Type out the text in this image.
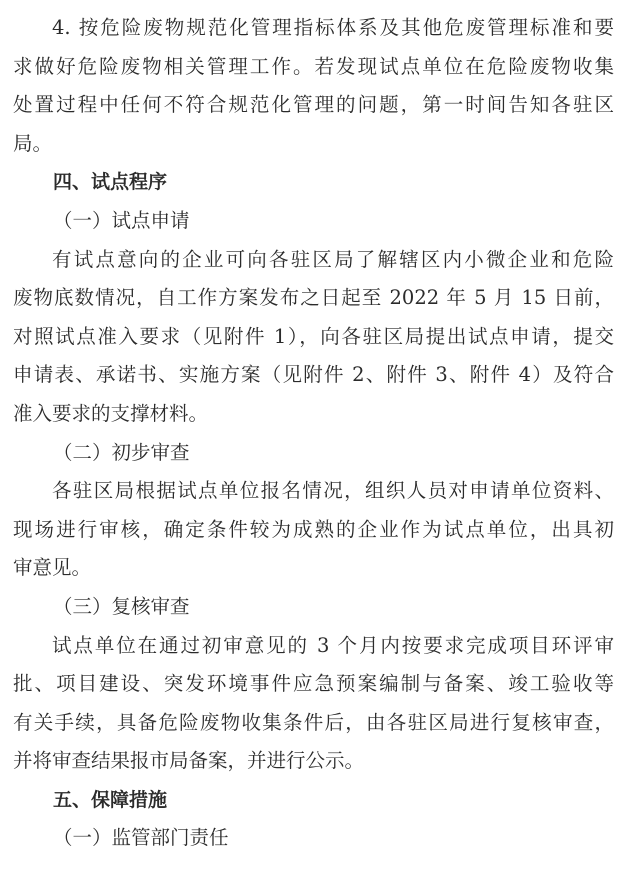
4. 按危险废物规范化管理指标体系及其他危废管理标准和要
求做好危险废物相关管理工作。若发现试点单位在危险废物收集
处置过程中任何不符合规范化管理的问题，第一时间告知各驻区
局。
四、试点程序
（一）试点申请
有试点意向的企业可向各驻区局了解辖区内小微企业和危险
废物底数情况，自工作方案发布之日起至 2022 年 5 月 15 日前，
对照试点准入要求（见附件 1），向各驻区局提出试点申请，提交
申请表、承诺书、实施方案（见附件 2、附件 3、附件 4）及符合
准入要求的支撑材料。
（二）初步审查
各驻区局根据试点单位报名情况，组织人员对申请单位资料、
现场进行审核，确定条件较为成熟的企业作为试点单位，出具初
审意见。
（三）复核审查
试点单位在通过初审意见的 3 个月内按要求完成项目环评审
批、项目建设、突发环境事件应急预案编制与备案、竣工验收等
有关手续，具备危险废物收集条件后，由各驻区局进行复核审查，
并将审查结果报市局备案，并进行公示。
五、保障措施
（一）监管部门责任
